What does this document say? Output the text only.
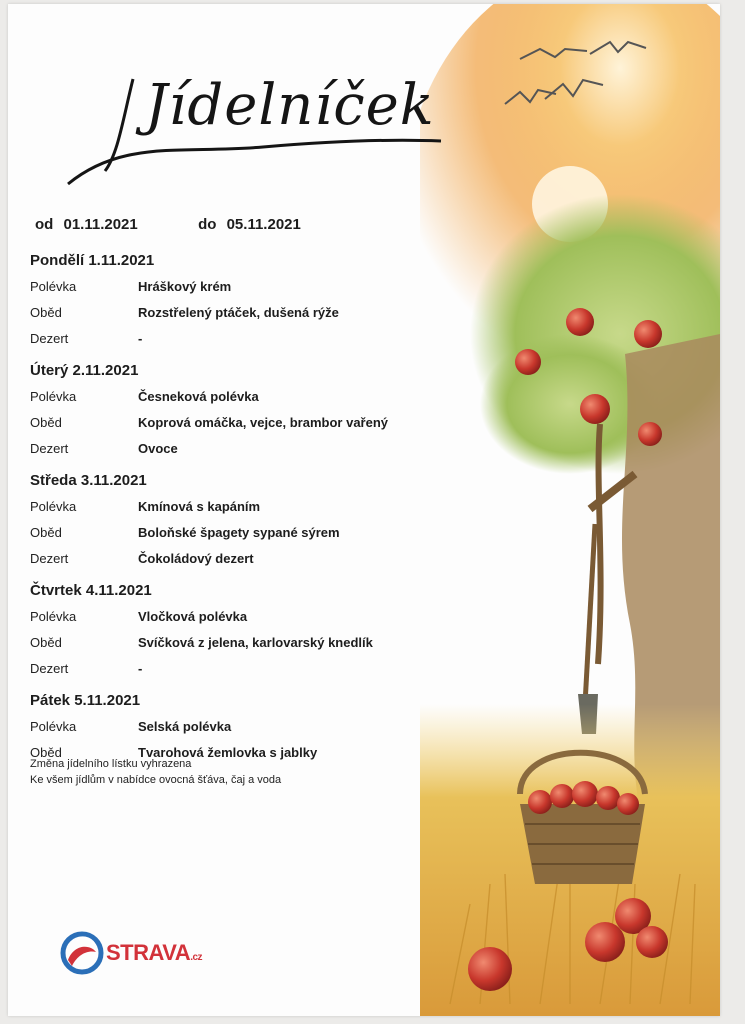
Jídelníček
od 01.11.2021	do 05.11.2021
Pondělí 1.11.2021
Polévka	Hráškový krém
Oběd	Rozstřelený ptáček, dušená rýže
Dezert	-
Úterý 2.11.2021
Polévka	Česneková polévka
Oběd	Koprová omáčka, vejce, brambor vařený
Dezert	Ovoce
Středa 3.11.2021
Polévka	Kmínová s kapáním
Oběd	Boloňské špagety sypané sýrem
Dezert	Čokoládový dezert
Čtvrtek 4.11.2021
Polévka	Vločková polévka
Oběd	Svíčková z jelena, karlovarský knedlík
Dezert	-
Pátek 5.11.2021
Polévka	Selská polévka
Oběd	Tvarohová žemlovka s jablky
Změna jídelního lístku vyhrazena
Ke všem jídlům v nabídce ovocná šťáva, čaj a voda
STRAVA.cz
